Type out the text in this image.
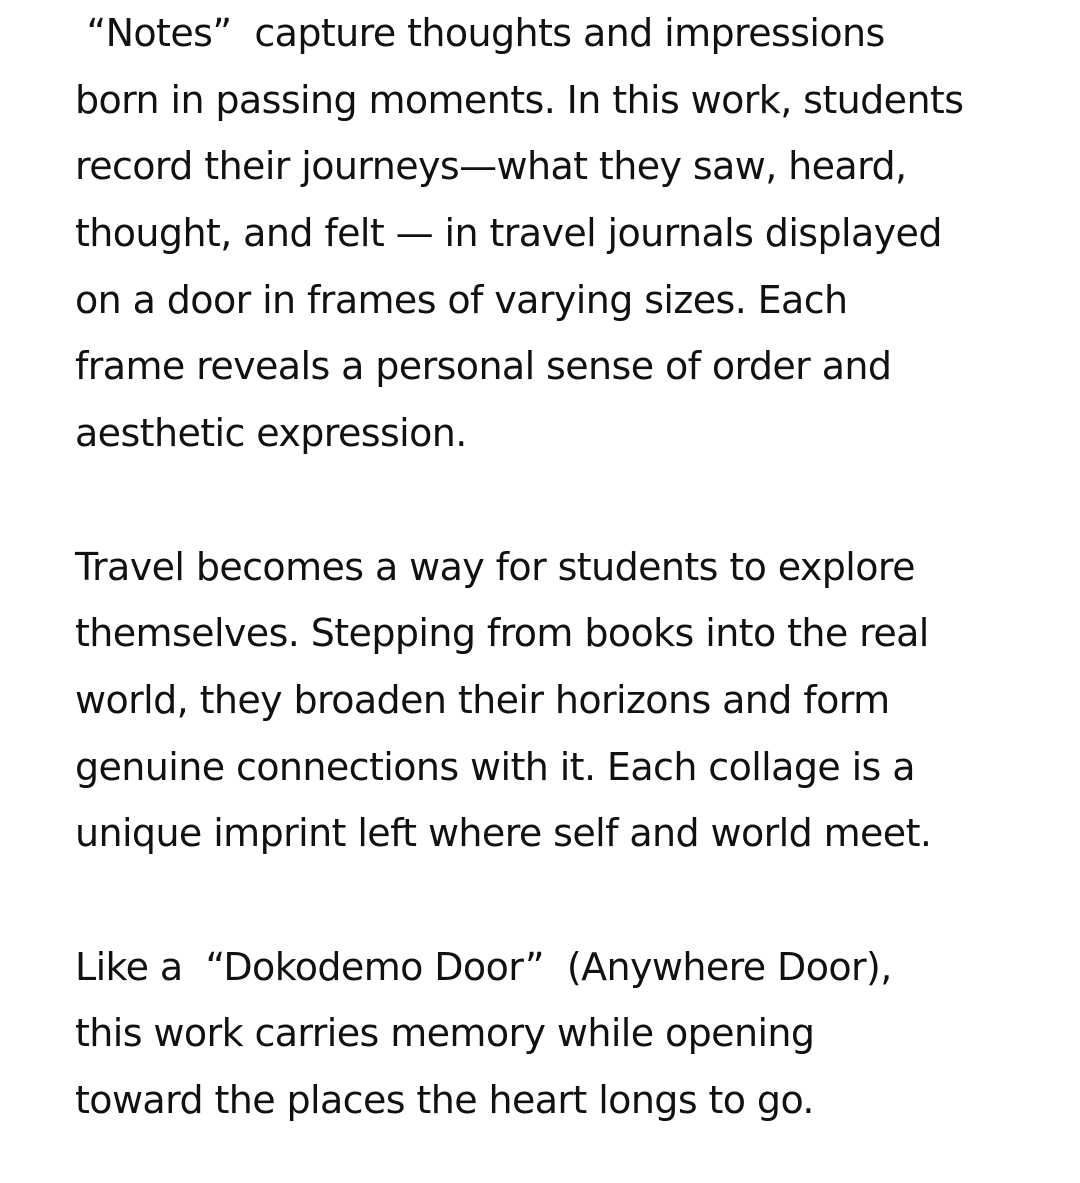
“Notes”  capture thoughts and impressions
born in passing moments. In this work, students
record their journeys—what they saw, heard,
thought, and felt — in travel journals displayed
on a door in frames of varying sizes. Each
frame reveals a personal sense of order and
aesthetic expression.

Travel becomes a way for students to explore
themselves. Stepping from books into the real
world, they broaden their horizons and form
genuine connections with it. Each collage is a
unique imprint left where self and world meet.

Like a  “Dokodemo Door”  (Anywhere Door),
this work carries memory while opening
toward the places the heart longs to go.
